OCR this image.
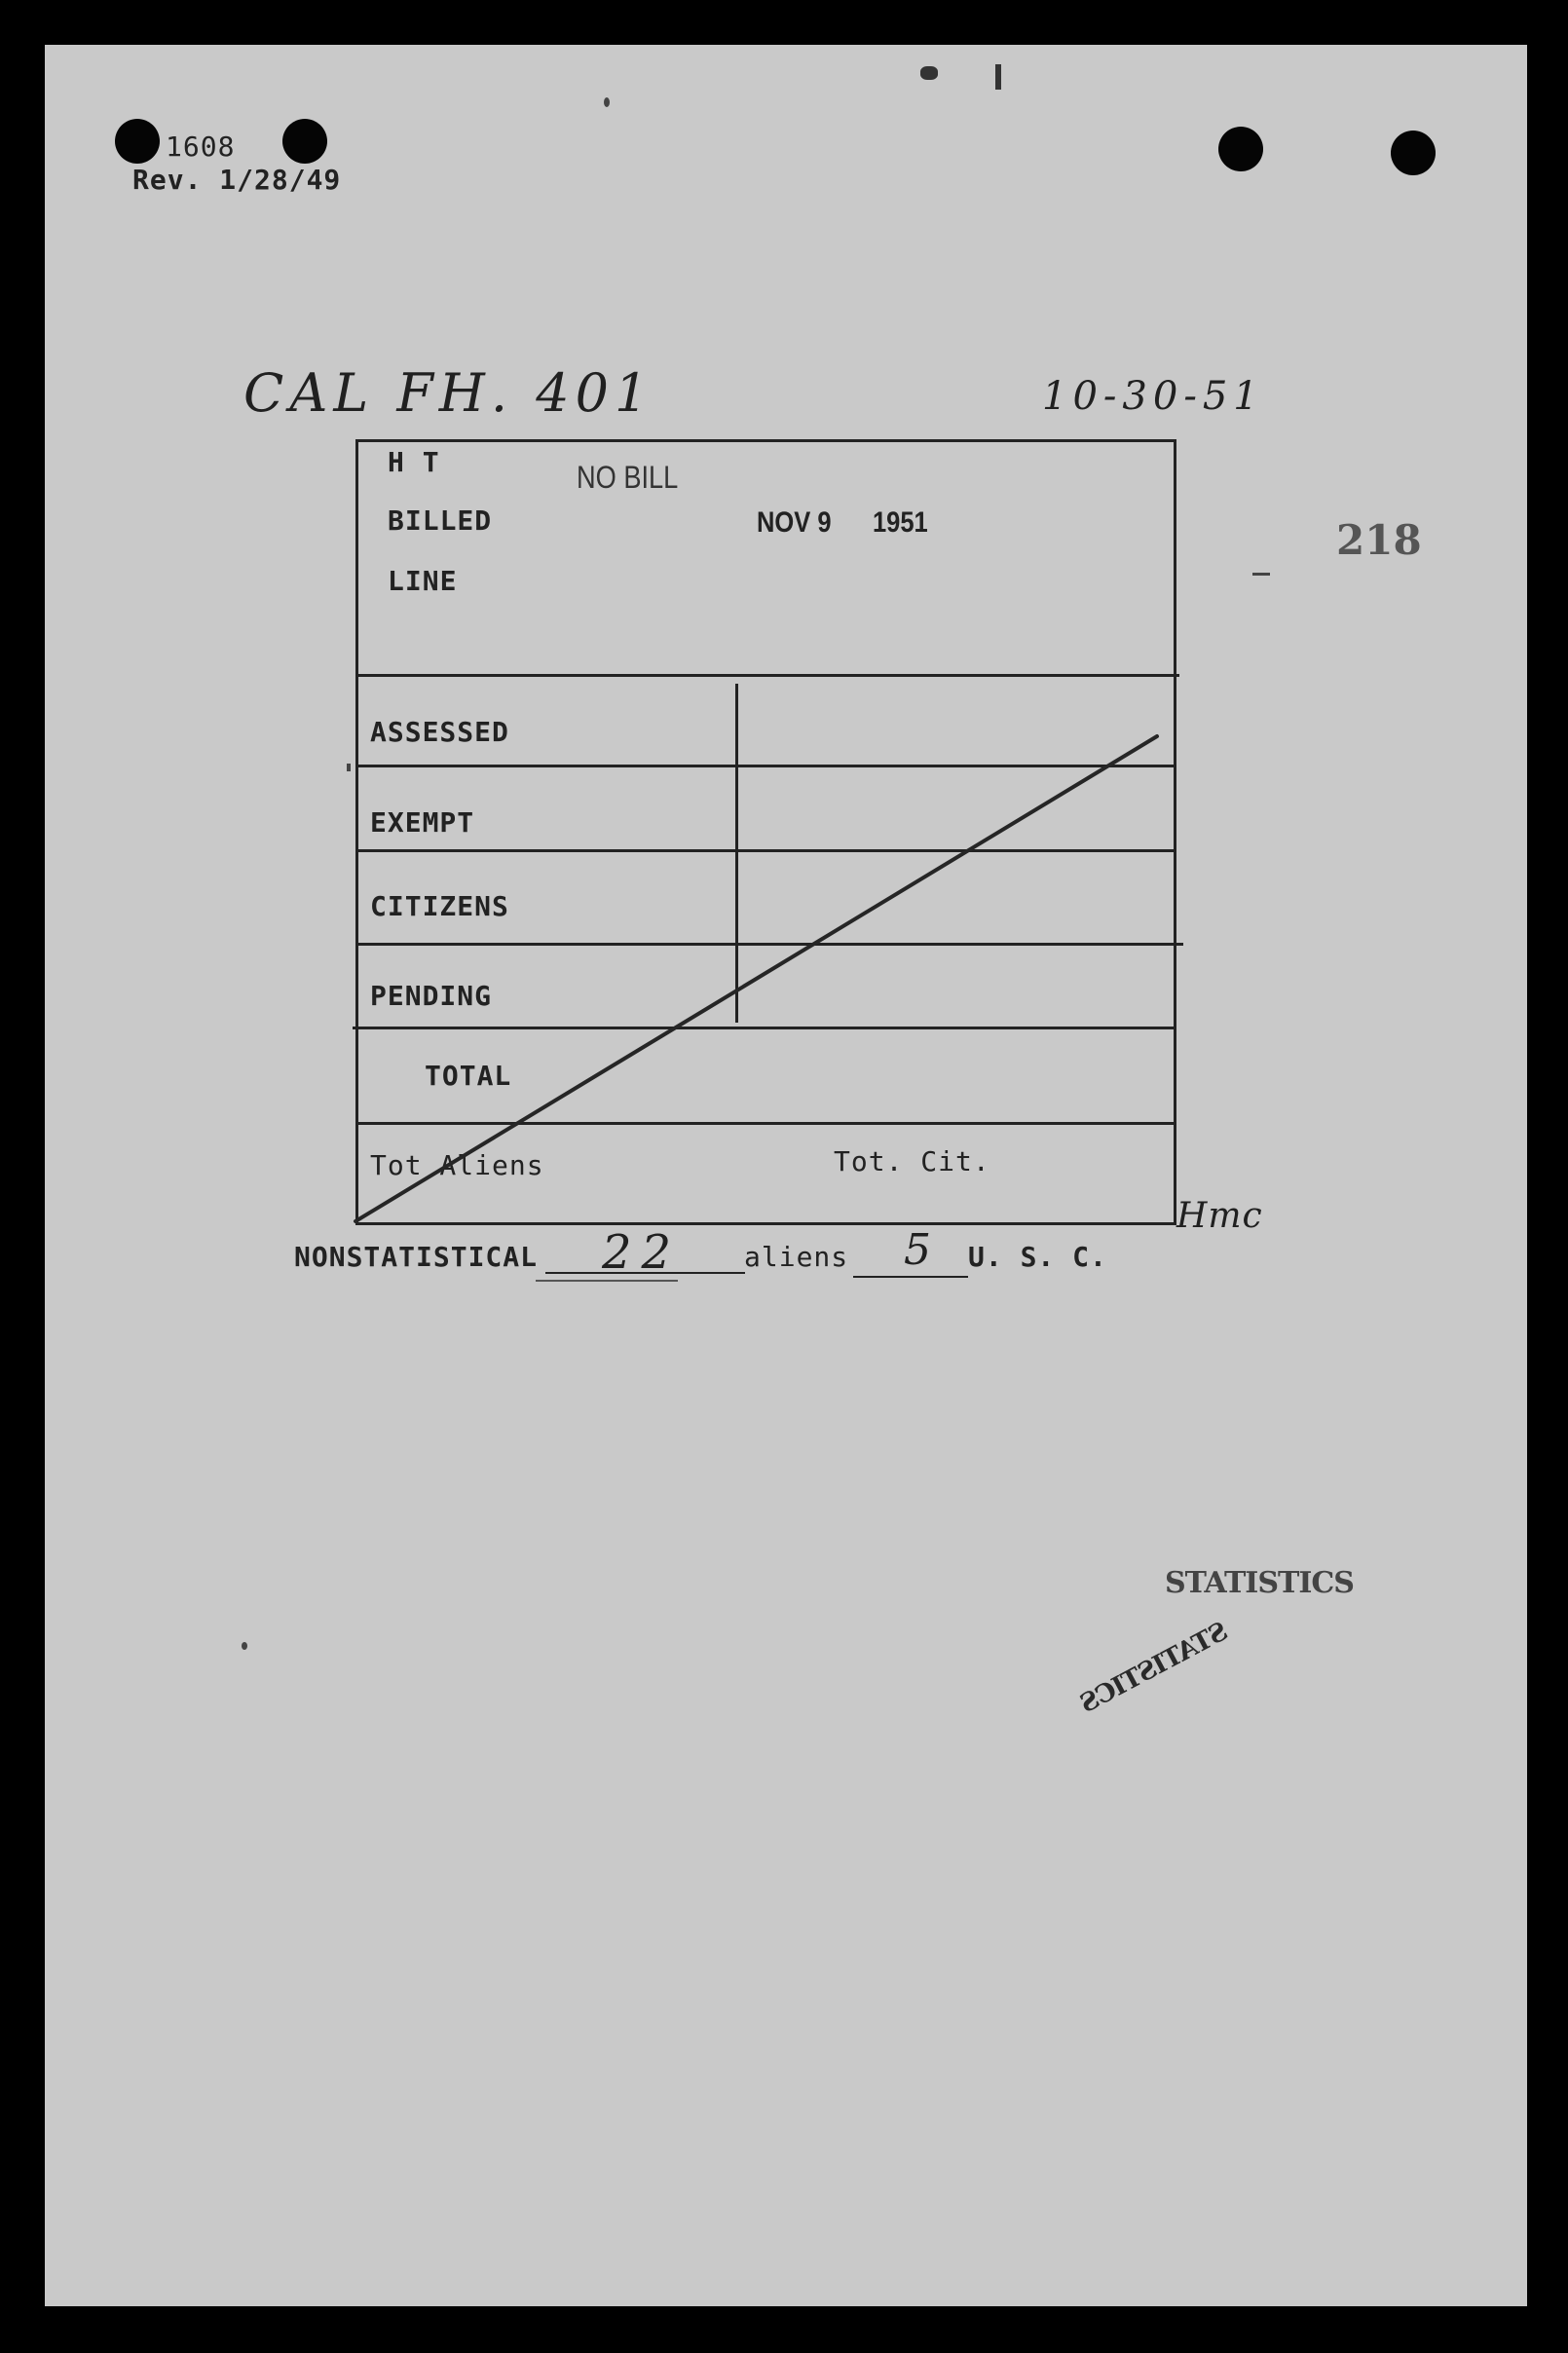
1608
Rev. 1/28/49
CAL FH. 401	10-30-51
218
H T	NO BILL
BILLED	NOV 9 1951
LINE
ASSESSED
EXEMPT
CITIZENS
PENDING
TOTAL
Tot Aliens	Tot. Cit.
Hmc
NONSTATISTICAL 22 aliens 5 U. S. C.
STATISTICS
STATISTICS
